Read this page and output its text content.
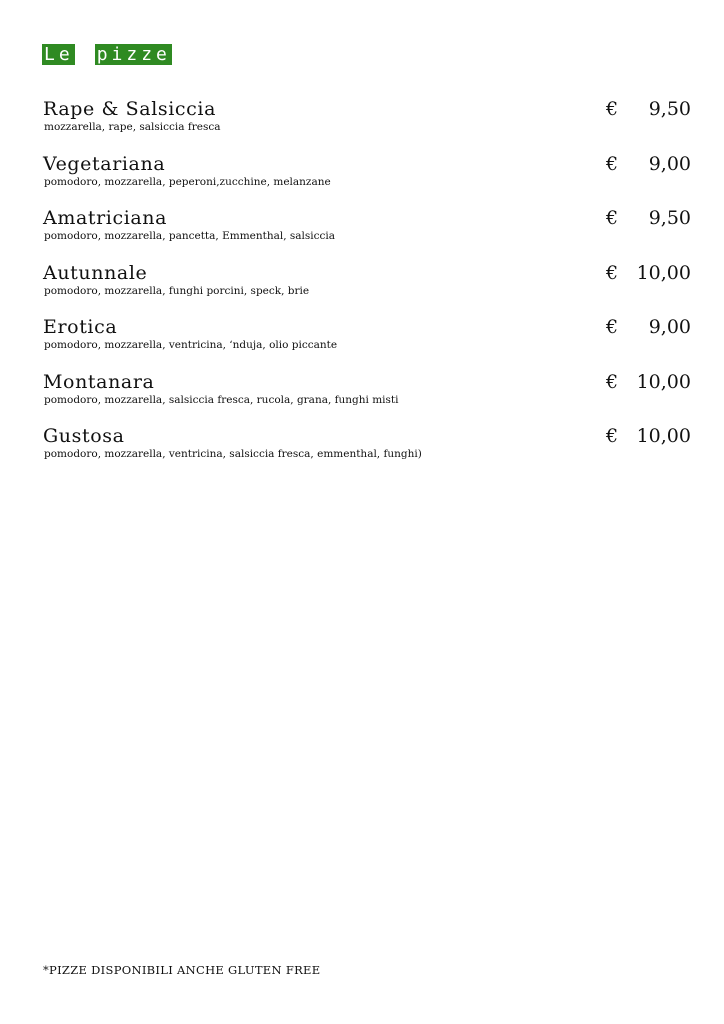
Le pizze
Rape & Salsiccia
mozzarella, rape, salsiccia fresca
€ 9,50
Vegetariana
pomodoro, mozzarella, peperoni,zucchine, melanzane
€ 9,00
Amatriciana
pomodoro, mozzarella, pancetta, Emmenthal, salsiccia
€ 9,50
Autunnale
pomodoro, mozzarella, funghi porcini, speck, brie
€ 10,00
Erotica
pomodoro, mozzarella, ventricina, ‘nduja, olio piccante
€ 9,00
Montanara
pomodoro, mozzarella, salsiccia fresca, rucola, grana, funghi misti
€ 10,00
Gustosa
pomodoro, mozzarella, ventricina, salsiccia fresca, emmenthal, funghi)
€ 10,00
*PIZZE DISPONIBILI ANCHE GLUTEN FREE
